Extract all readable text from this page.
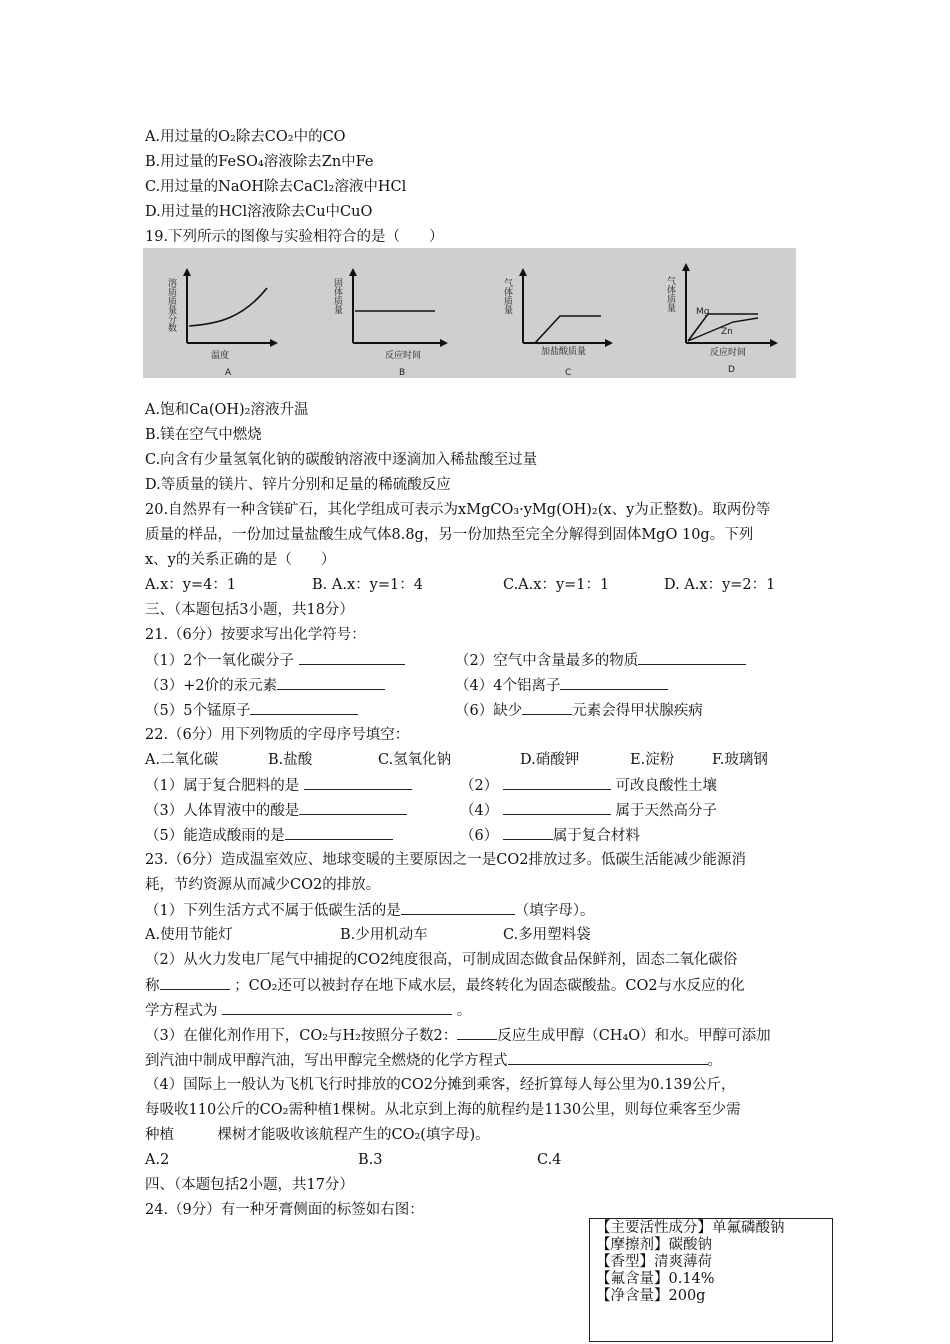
A.用过量的O₂除去CO₂中的CO
B.用过量的FeSO₄溶液除去Zn中Fe
C.用过量的NaOH除去CaCl₂溶液中HCl
D.用过量的HCl溶液除去Cu中CuO
19.下列所示的图像与实验相符合的是（　　）
溶质质量分数
温度
A
固体质量
反应时间
B
气体质量
加盐酸质量
C
气体质量 Mg
Zn
反应时间
D
A.饱和Ca(OH)₂溶液升温
B.镁在空气中燃烧
C.向含有少量氢氧化钠的碳酸钠溶液中逐滴加入稀盐酸至过量
D.等质量的镁片、锌片分别和足量的稀硫酸反应
20.自然界有一种含镁矿石，其化学组成可表示为xMgCO₃·yMg(OH)₂(x、y为正整数)。取两份等
质量的样品，一份加过量盐酸生成气体8.8g，另一份加热至完全分解得到固体MgO 10g。下列
x、y的关系正确的是（　　）
A.x：y=4：1	B. A.x：y=1：4	C.A.x：y=1：1	D. A.x：y=2：1
三、（本题包括3小题，共18分）
21.（6分）按要求写出化学符号：
（1）2个一氧化碳分子	（2）空气中含量最多的物质
（3）+2价的汞元素	（4）4个铝离子
（5）5个锰原子	（6）缺少	元素会得甲状腺疾病
22.（6分）用下列物质的字母序号填空：
A.二氧化碳	B.盐酸	C.氢氧化钠	D.硝酸钾	E.淀粉	F.玻璃钢
（1）属于复合肥料的是	（2）	可改良酸性土壤
（3）人体胃液中的酸是	（4）	属于天然高分子
（5）能造成酸雨的是	（6）	属于复合材料
23.（6分）造成温室效应、地球变暖的主要原因之一是CO2排放过多。低碳生活能减少能源消
耗，节约资源从而减少CO2的排放。
（1）下列生活方式不属于低碳生活的是	（填字母）。
A.使用节能灯	B.少用机动车	C.多用塑料袋
（2）从火力发电厂尾气中捕捉的CO2纯度很高，可制成固态做食品保鲜剂，固态二氧化碳俗
称	；CO₂还可以被封存在地下咸水层，最终转化为固态碳酸盐。CO2与水反应的化
学方程式为	。
（3）在催化剂作用下，CO₂与H₂按照分子数2：	反应生成甲醇（CH₄O）和水。甲醇可添加
到汽油中制成甲醇汽油，写出甲醇完全燃烧的化学方程式	。
（4）国际上一般认为飞机飞行时排放的CO2分摊到乘客，经折算每人每公里为0.139公斤，
每吸收110公斤的CO₂需种植1棵树。从北京到上海的航程约是1130公里，则每位乘客至少需
种植　　　棵树才能吸收该航程产生的CO₂(填字母)。
A.2	B.3	C.4
四、（本题包括2小题，共17分）
24.（9分）有一种牙膏侧面的标签如右图：
【主要活性成分】单氟磷酸钠
【摩擦剂】碳酸钠
【香型】清爽薄荷
【氟含量】0.14%
【净含量】200g
